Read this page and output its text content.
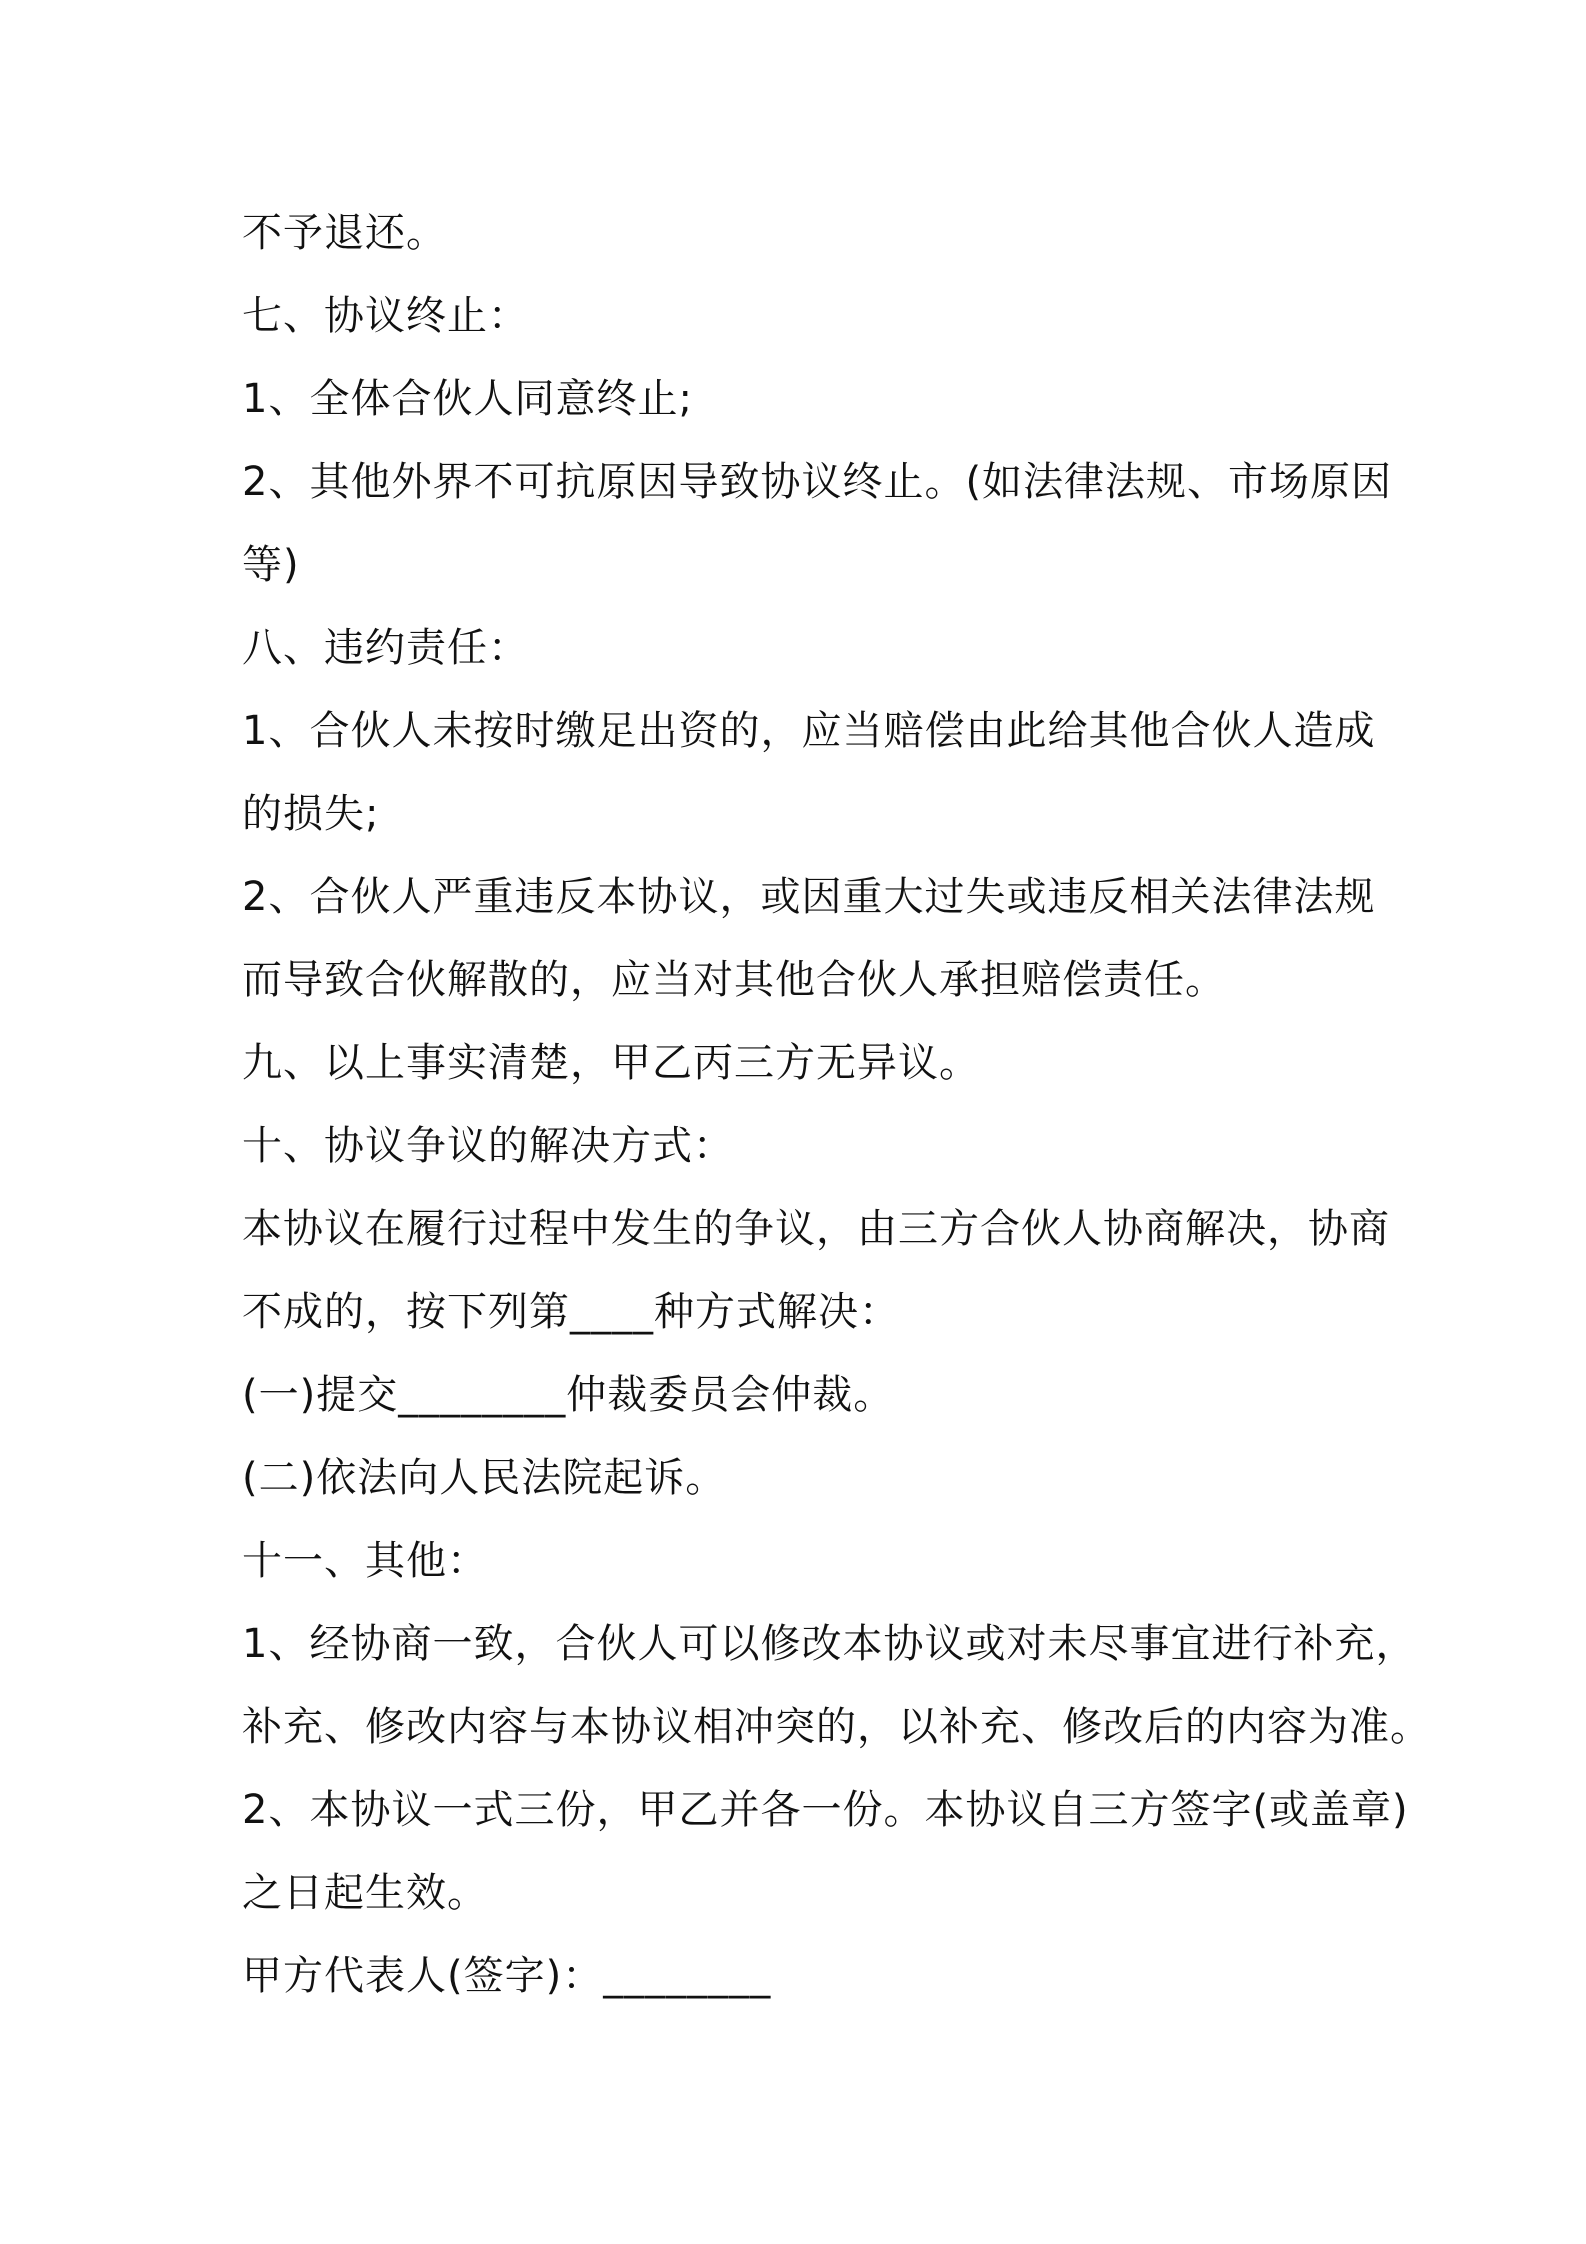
不予退还。
七、协议终止：
1、全体合伙人同意终止;
2、其他外界不可抗原因导致协议终止。(如法律法规、市场原因
等)
八、违约责任：
1、合伙人未按时缴足出资的，应当赔偿由此给其他合伙人造成
的损失;
2、合伙人严重违反本协议，或因重大过失或违反相关法律法规
而导致合伙解散的，应当对其他合伙人承担赔偿责任。
九、以上事实清楚，甲乙丙三方无异议。
十、协议争议的解决方式：
本协议在履行过程中发生的争议，由三方合伙人协商解决，协商
不成的，按下列第____种方式解决：
(一)提交________仲裁委员会仲裁。
(二)依法向人民法院起诉。
十一、其他：
1、经协商一致，合伙人可以修改本协议或对未尽事宜进行补充，
补充、修改内容与本协议相冲突的，以补充、修改后的内容为准。
2、本协议一式三份，甲乙并各一份。本协议自三方签字(或盖章)
之日起生效。
甲方代表人(签字)：________
